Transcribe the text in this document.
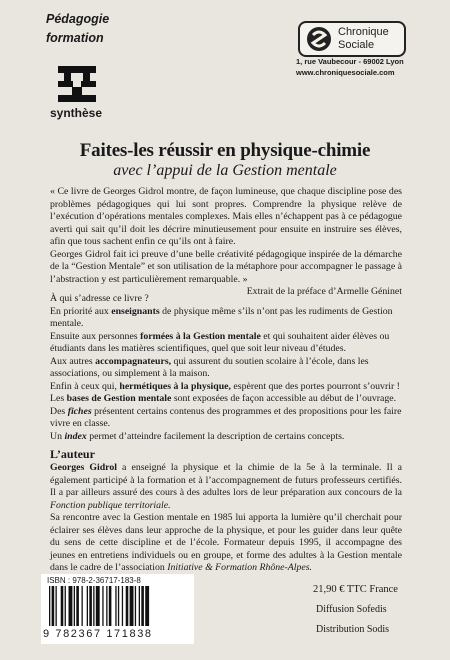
Pédagogie
formation
synthèse
Chronique
Sociale
1, rue Vaubecour - 69002 Lyon
www.chroniquesociale.com
Faites-les réussir en physique-chimie
avec l’appui de la Gestion mentale

« Ce livre de Georges Gidrol montre, de façon lumineuse, que chaque discipline pose des problèmes pédagogiques qui lui sont propres. Comprendre la physique relève de l’exécution d’opérations mentales complexes. Mais elles n’échappent pas à ce pédagogue averti qui sait qu’il doit les décrire minutieusement pour ensuite en instruire ses élèves, afin que tous sachent enfin ce qu’ils ont à faire.

Georges Gidrol fait ici preuve d’une belle créativité pédagogique inspirée de la démarche de la “Gestion Mentale” et son utilisation de la métaphore pour accompagner le passage à l’abstraction y est particulièrement remarquable. »

Extrait de la préface d’Armelle Géninet

À qui s’adresse ce livre ?

En priorité aux enseignants de physique même s’ils n’ont pas les rudiments de Gestion mentale.

Ensuite aux personnes formées à la Gestion mentale et qui souhaitent aider élèves ou étudiants dans les matières scientifiques, quel que soit leur niveau d’études.

Aux autres accompagnateurs, qui assurent du soutien scolaire à l’école, dans les associations, ou simplement à la maison.

Enfin à ceux qui, hermétiques à la physique, espèrent que des portes pourront s’ouvrir !

Les bases de Gestion mentale sont exposées de façon accessible au début de l’ouvrage.

Des fiches présentent certains contenus des programmes et des propositions pour les faire vivre en classe.

Un index permet d’atteindre facilement la description de certains concepts.

L’auteur

Georges Gidrol a enseigné la physique et la chimie de la 5e à la terminale. Il a également participé à la formation et à l’accompagnement de futurs professeurs certifiés. Il a par ailleurs assuré des cours à des adultes lors de leur préparation aux concours de la Fonction publique territoriale.

Sa rencontre avec la Gestion mentale en 1985 lui apporta la lumière qu’il cherchait pour éclairer ses élèves dans leur approche de la physique, et pour les guider dans leur quête du sens de cette discipline et de l’école. Formateur depuis 1995, il accompagne des jeunes en entretiens individuels ou en groupe, et forme des adultes à la Gestion mentale dans le cadre de l’association Initiative & Formation Rhône-Alpes.

ISBN : 978-2-36717-183-8
9 782367 171838
21,90 € TTC France
Diffusion Sofedis
Distribution Sodis
